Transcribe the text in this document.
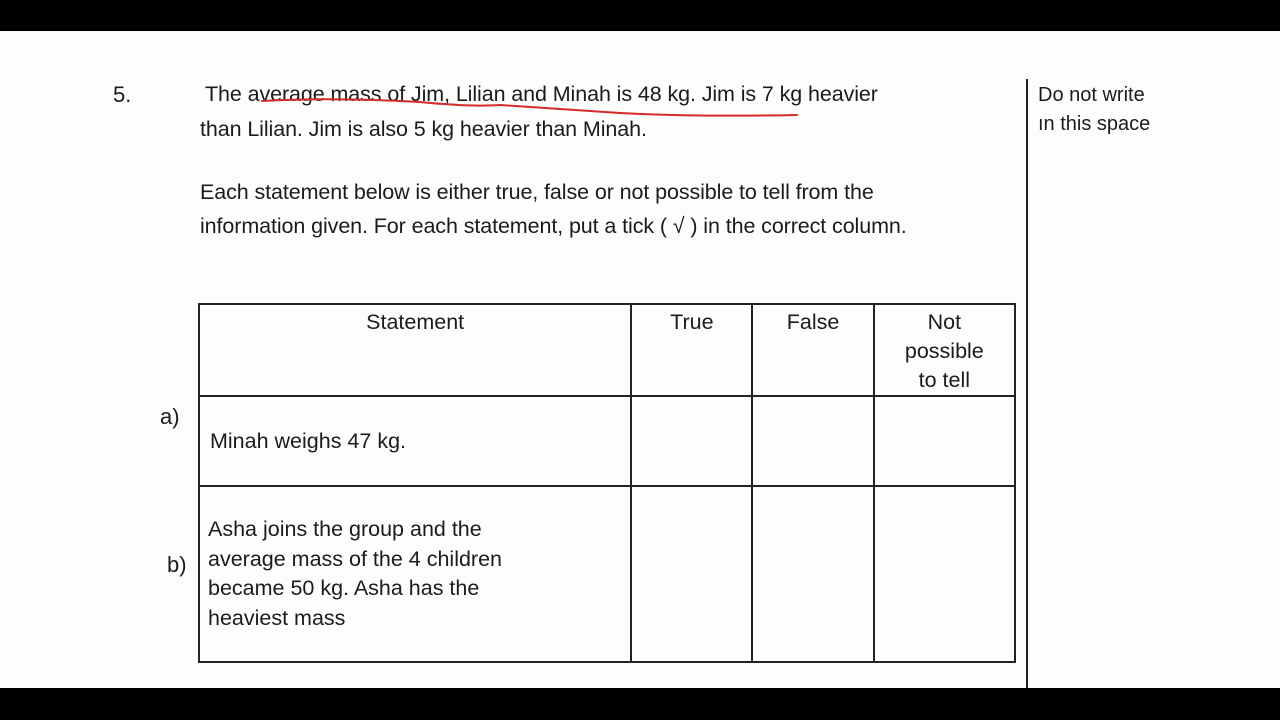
5.	The average mass of Jim, Lilian and Minah is 48 kg. Jim is 7 kg heavier
than Lilian. Jim is also 5 kg heavier than Minah.
Each statement below is either true, false or not possible to tell from the
information given. For each statement, put a tick ( √ ) in the correct column.
Do not write
ın this space
Statement	True	False	Not
possible
to tell

Minah weighs 47 kg.			

Asha joins the group and the
average mass of the 4 children
became 50 kg. Asha has the
heaviest mass			

a)
b)
